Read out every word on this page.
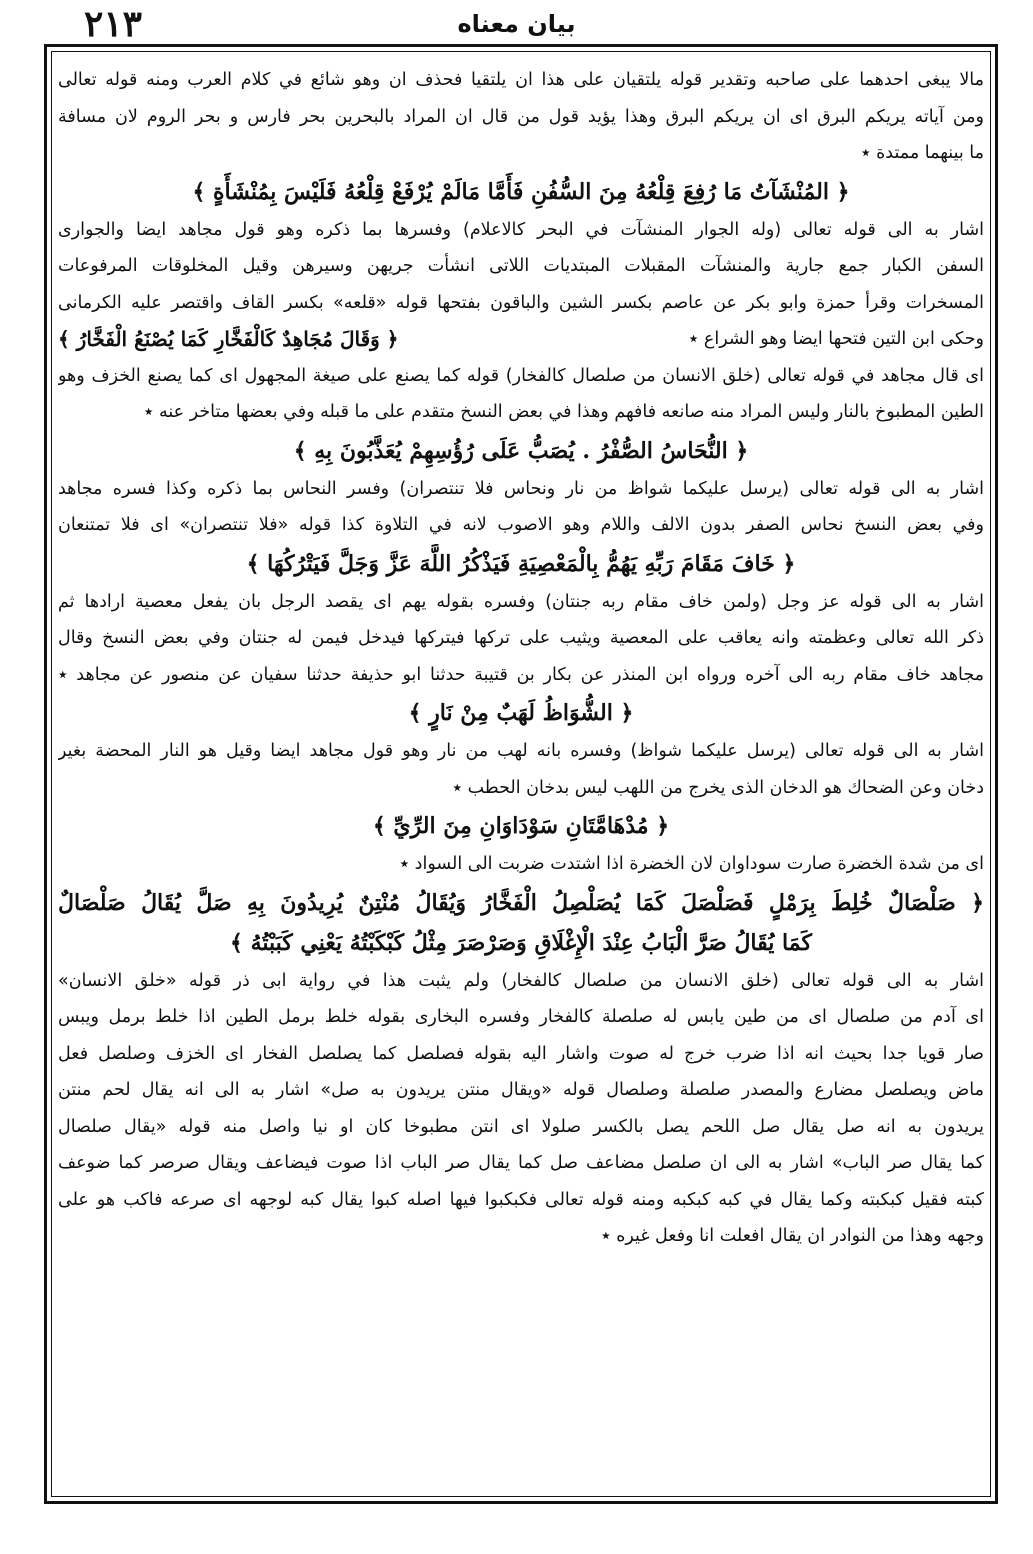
٢١٣	بیان معناه
مالا يبغى احدهما على صاحبه وتقدير قوله يلتقيان على هذا ان يلتقيا فحذف ان وهو شائع في كلام العرب ومنه قوله تعالى
ومن آياته يريكم البرق اى ان يريكم البرق وهذا يؤيد قول من قال ان المراد بالبحرين بحر فارس و بحر الروم لان مسافة
ما بينهما ممتدة ٭
﴿ المُنْشَآتُ مَا رُفِعَ قِلْعُهُ مِنَ السُّفُنِ فَأَمَّا مَالَمْ يُرْفَعْ قِلْعُهُ فَلَيْسَ بِمُنْشَأَةٍ ﴾
اشار به الى قوله تعالى (وله الجوار المنشآت في البحر كالاعلام) وفسرها بما ذكره وهو قول مجاهد ايضا والجوارى
السفن الكبار جمع جارية والمنشآت المقبلات المبتديات اللاتى انشأت جريهن وسيرهن وقيل المخلوقات المرفوعات
المسخرات وقرأ حمزة وابو بكر عن عاصم بكسر الشين والباقون بفتحها قوله «قلعه» بكسر القاف واقتصر عليه الكرمانى
وحكى ابن التين فتحها ايضا وهو الشراع ٭
﴿ وَقَالَ مُجَاهِدٌ كَالْفَخَّارِ كَمَا يُصْنَعُ الْفَخَّارُ ﴾
اى قال مجاهد في قوله تعالى (خلق الانسان من صلصال كالفخار) قوله كما يصنع على صيغة المجهول اى كما يصنع الخزف وهو
الطين المطبوخ بالنار وليس المراد منه صانعه فافهم وهذا في بعض النسخ متقدم على ما قبله وفي بعضها متاخر عنه ٭
﴿ النُّحَاسُ الصُّفْرُ . يُصَبُّ عَلَى رُؤُسِهِمْ يُعَذَّبُونَ بِهِ ﴾
اشار به الى قوله تعالى (يرسل عليكما شواظ من نار ونحاس فلا تنتصران) وفسر النحاس بما ذكره وكذا فسره مجاهد
وفي بعض النسخ نحاس الصفر بدون الالف واللام وهو الاصوب لانه في التلاوة كذا قوله «فلا تنتصران» اى فلا تمتنعان
﴿ خَافَ مَقَامَ رَبِّهِ يَهُمُّ بِالْمَعْصِيَةِ فَيَذْكُرُ اللَّهَ عَزَّ وَجَلَّ فَيَتْرُكُهَا ﴾
اشار به الى قوله عز وجل (ولمن خاف مقام ربه جنتان) وفسره بقوله يهم اى يقصد الرجل بان يفعل معصية ارادها ثم
ذكر الله تعالى وعظمته وانه يعاقب على المعصية ويثيب على تركها فيتركها فيدخل فيمن له جنتان وفي بعض النسخ وقال
مجاهد خاف مقام ربه الى آخره ورواه ابن المنذر عن بكار بن قتيبة حدثنا ابو حذيفة حدثنا سفيان عن منصور عن مجاهد ٭
﴿ الشُّوَاظُ لَهَبٌ مِنْ نَارٍ ﴾
اشار به الى قوله تعالى (يرسل عليكما شواظ) وفسره بانه لهب من نار وهو قول مجاهد ايضا وقيل هو النار المحضة بغير
دخان وعن الضحاك هو الدخان الذى يخرج من اللهب ليس بدخان الحطب ٭
﴿ مُدْهَامَّتَانِ سَوْدَاوَانِ مِنَ الرِّيِّ ﴾
اى من شدة الخضرة صارت سوداوان لان الخضرة اذا اشتدت ضربت الى السواد ٭
﴿ صَلْصَالٌ خُلِطَ بِرَمْلٍ فَصَلْصَلَ كَمَا يُصَلْصِلُ الْفَخَّارُ وَيُقَالُ مُنْتِنٌ يُرِيدُونَ بِهِ صَلَّ يُقَالُ صَلْصَالٌ
كَمَا يُقَالُ صَرَّ الْبَابُ عِنْدَ الْإِغْلَاقِ وَصَرْصَرَ مِثْلُ كَبْكَبْتُهُ يَعْنِي كَبَبْتُهُ ﴾
اشار به الى قوله تعالى (خلق الانسان من صلصال كالفخار) ولم يثبت هذا في رواية ابى ذر قوله «خلق الانسان»
اى آدم من صلصال اى من طين يابس له صلصلة كالفخار وفسره البخارى بقوله خلط برمل الطين اذا خلط برمل ويبس
صار قويا جدا بحيث انه اذا ضرب خرج له صوت واشار اليه بقوله فصلصل كما يصلصل الفخار اى الخزف وصلصل فعل
ماض ويصلصل مضارع والمصدر صلصلة وصلصال قوله «ويقال منتن يريدون به صل» اشار به الى انه يقال لحم منتن
يريدون به انه صل يقال صل اللحم يصل بالكسر صلولا اى انتن مطبوخا كان او نيا واصل منه قوله «يقال صلصال
كما يقال صر الباب» اشار به الى ان صلصل مضاعف صل كما يقال صر الباب اذا صوت فيضاعف ويقال صرصر كما ضوعف
كبته فقيل كبكبته وكما يقال في كبه كبكبه ومنه قوله تعالى فكبكبوا فيها اصله كبوا يقال كبه لوجهه اى صرعه فاكب هو على
وجهه وهذا من النوادر ان يقال افعلت انا وفعل غيره ٭
